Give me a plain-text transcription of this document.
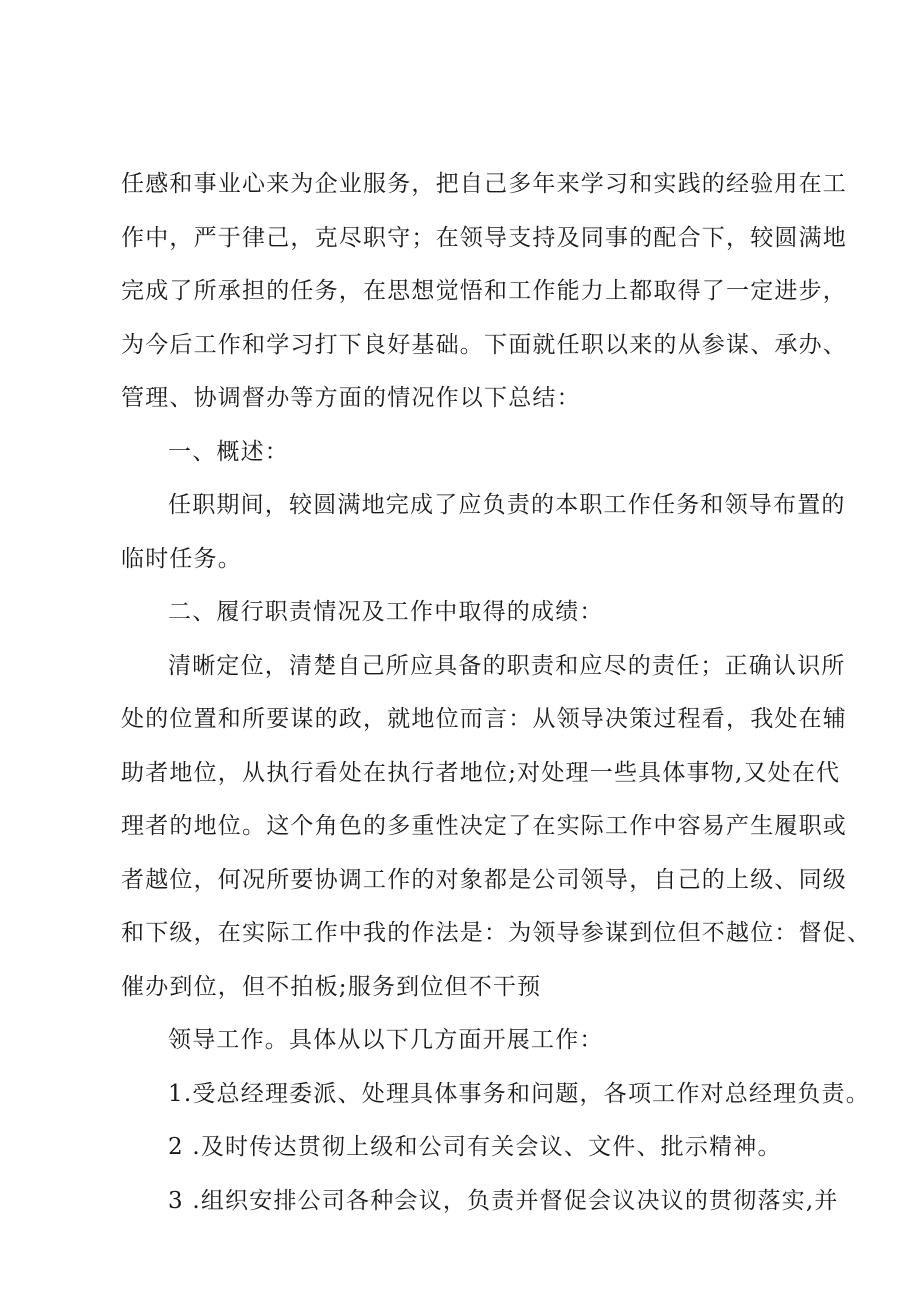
任感和事业心来为企业服务，把自己多年来学习和实践的经验用在工
作中，严于律己，克尽职守；在领导支持及同事的配合下，较圆满地
完成了所承担的任务，在思想觉悟和工作能力上都取得了一定进步，
为今后工作和学习打下良好基础。下面就任职以来的从参谋、承办、
管理、协调督办等方面的情况作以下总结：
一、概述：
任职期间，较圆满地完成了应负责的本职工作任务和领导布置的
临时任务。
二、履行职责情况及工作中取得的成绩：
清晰定位，清楚自己所应具备的职责和应尽的责任；正确认识所
处的位置和所要谋的政，就地位而言：从领导决策过程看，我处在辅
助者地位，从执行看处在执行者地位;对处理一些具体事物,又处在代
理者的地位。这个角色的多重性决定了在实际工作中容易产生履职或
者越位，何况所要协调工作的对象都是公司领导，自己的上级、同级
和下级，在实际工作中我的作法是：为领导参谋到位但不越位：督促、
催办到位，但不拍板;服务到位但不干预
领导工作。具体从以下几方面开展工作：
1.受总经理委派、处理具体事务和问题，各项工作对总经理负责。
2 .及时传达贯彻上级和公司有关会议、文件、批示精神。
3 .组织安排公司各种会议，负责并督促会议决议的贯彻落实,并
